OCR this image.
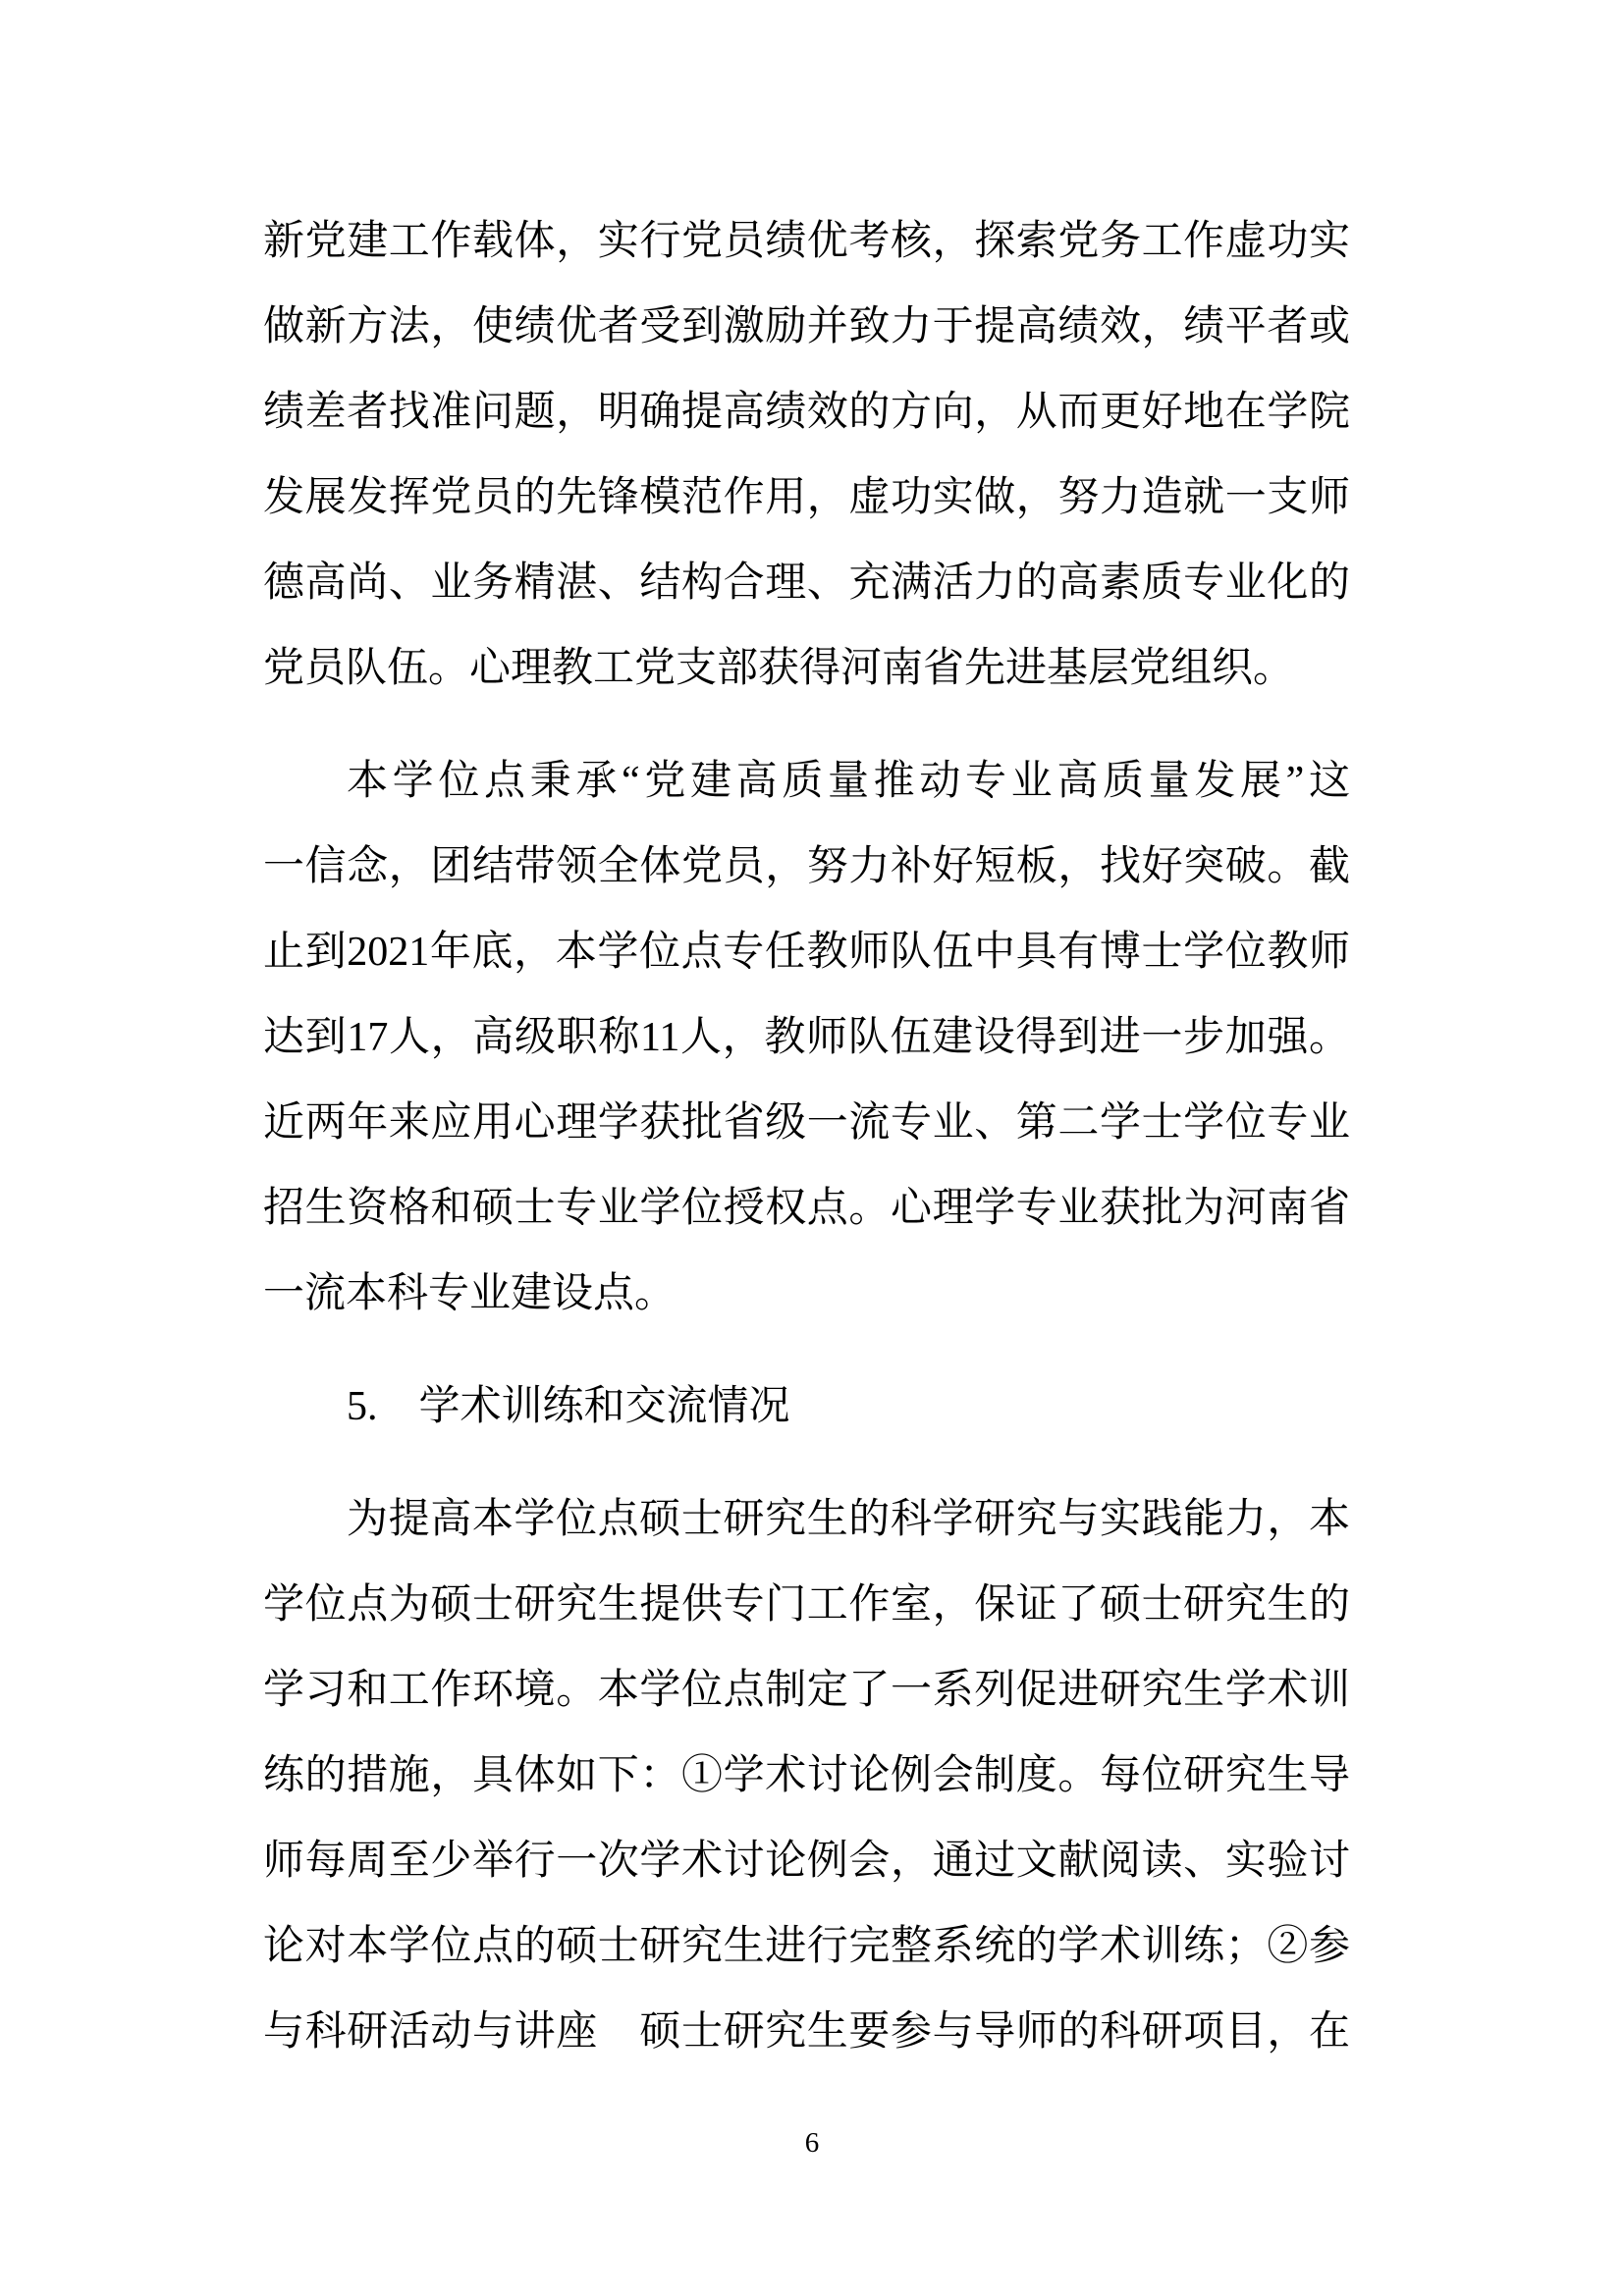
新党建工作载体，实行党员绩优考核，探索党务工作虚功实
做新方法，使绩优者受到激励并致力于提高绩效，绩平者或
绩差者找准问题，明确提高绩效的方向，从而更好地在学院
发展发挥党员的先锋模范作用，虚功实做，努力造就一支师
德高尚、业务精湛、结构合理、充满活力的高素质专业化的
党员队伍。心理教工党支部获得河南省先进基层党组织。
本学位点秉承“党建高质量推动专业高质量发展”这
一信念，团结带领全体党员，努力补好短板，找好突破。截
止到2021年底，本学位点专任教师队伍中具有博士学位教师
达到17人，高级职称11人，教师队伍建设得到进一步加强。
近两年来应用心理学获批省级一流专业、第二学士学位专业
招生资格和硕士专业学位授权点。心理学专业获批为河南省
一流本科专业建设点。
5.　学术训练和交流情况
为提高本学位点硕士研究生的科学研究与实践能力，本
学位点为硕士研究生提供专门工作室，保证了硕士研究生的
学习和工作环境。本学位点制定了一系列促进研究生学术训
练的措施，具体如下：①学术讨论例会制度。每位研究生导
师每周至少举行一次学术讨论例会，通过文献阅读、实验讨
论对本学位点的硕士研究生进行完整系统的学术训练；②参
与科研活动与讲座　硕士研究生要参与导师的科研项目，在
6
